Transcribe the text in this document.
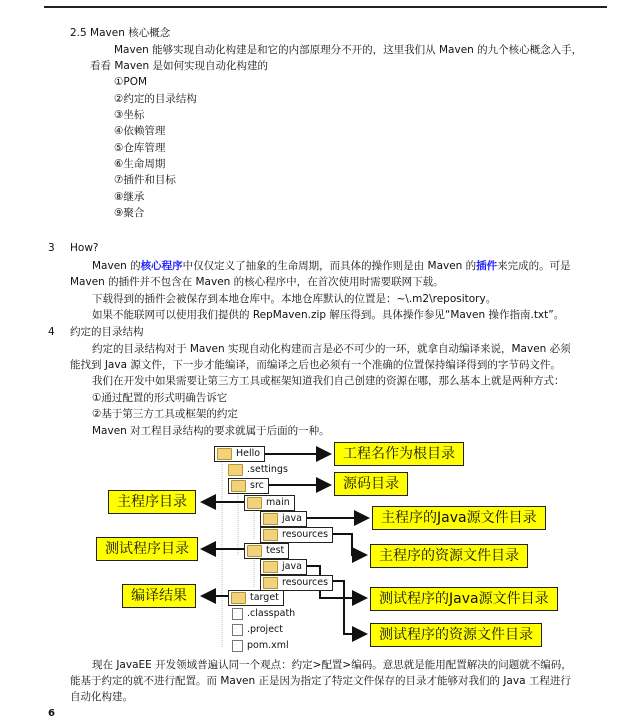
2.5 Maven 核心概念
Maven 能够实现自动化构建是和它的内部原理分不开的，这里我们从 Maven 的九个核心概念入手，
看看 Maven 是如何实现自动化构建的
①POM
②约定的目录结构
③坐标
④依赖管理
⑤仓库管理
⑥生命周期
⑦插件和目标
⑧继承
⑨聚合
3 How?
Maven 的核心程序中仅仅定义了抽象的生命周期，而具体的操作则是由 Maven 的插件来完成的。可是
Maven 的插件并不包含在 Maven 的核心程序中，在首次使用时需要联网下载。
下载得到的插件会被保存到本地仓库中。本地仓库默认的位置是：~\.m2\repository。
如果不能联网可以使用我们提供的 RepMaven.zip 解压得到。具体操作参见“Maven 操作指南.txt”。
4 约定的目录结构
约定的目录结构对于 Maven 实现自动化构建而言是必不可少的一环，就拿自动编译来说，Maven 必须
能找到 Java 源文件，下一步才能编译，而编译之后也必须有一个准确的位置保持编译得到的字节码文件。
我们在开发中如果需要让第三方工具或框架知道我们自己创建的资源在哪，那么基本上就是两种方式：
①通过配置的形式明确告诉它
②基于第三方工具或框架的约定
Maven 对工程目录结构的要求就属于后面的一种。
Hello
.settings
src
main
java
resources
test
java
resources
target
.classpath
.project
pom.xml
工程名作为根目录
源码目录
主程序目录
主程序的Java源文件目录
测试程序目录	主程序的资源文件目录
编译结果	测试程序的Java源文件目录
测试程序的资源文件目录
现在 JavaEE 开发领域普遍认同一个观点：约定>配置>编码。意思就是能用配置解决的问题就不编码，
能基于约定的就不进行配置。而 Maven 正是因为指定了特定文件保存的目录才能够对我们的 Java 工程进行
自动化构建。
6
